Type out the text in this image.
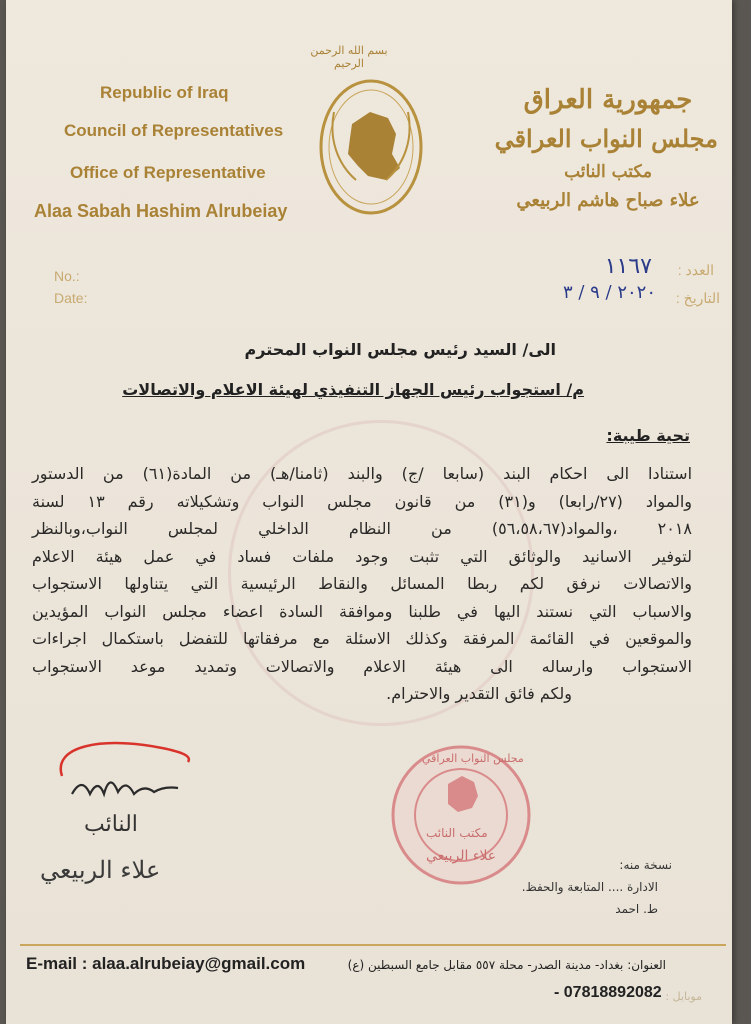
بسم الله الرحمن الرحيم
Republic of Iraq
Council of Representatives
Office of Representative
Alaa Sabah Hashim Alrubeiay
جمهورية العراق
مجلس النواب العراقي
مكتب النائب
علاء صباح هاشم الربيعي
No.:
Date:
العدد :
١١٦٧
التاريخ :
٢٠٢٠ / ٩ / ٣
الى/ السيد رئيس مجلس النواب المحترم
م/ استجواب رئيس الجهاز التنفيذي لهيئة الاعلام والاتصالات
تحية طيبة:
استنادا الى احكام البند (سابعا /ج) والبند (ثامنا/هـ) من المادة(٦١) من الدستور
والمواد (٢٧/رابعا) و(٣١) من قانون مجلس النواب وتشكيلاته رقم ١٣ لسنة
٢٠١٨ ،والمواد(٥٦،٥٨،٦٧) من النظام الداخلي لمجلس النواب،وبالنظر
لتوفير الاسانيد والوثائق التي تثبت وجود ملفات فساد في عمل هيئة الاعلام
والاتصالات نرفق لكم ربطا المسائل والنقاط الرئيسية التي يتناولها الاستجواب
والاسباب التي نستند اليها في طلبنا وموافقة السادة اعضاء مجلس النواب المؤيدين
والموقعين في القائمة المرفقة وكذلك الاسئلة مع مرفقاتها للتفضل باستكمال اجراءات
الاستجواب وارساله الى هيئة الاعلام والاتصالات وتمديد موعد الاستجواب
ولكم فائق التقدير والاحترام.
النائب
علاء الربيعي
مجلس النواب العراقي
مكتب النائب
علاء الربيعي
نسخة منه:
الادارة .... المتابعة والحفظ.
ط. احمد
E-mail : alaa.alrubeiay@gmail.com	العنوان: بغداد- مدينة الصدر- محلة ٥٥٧ مقابل جامع السبطين (ع)
موبايل :
- 07818892082
